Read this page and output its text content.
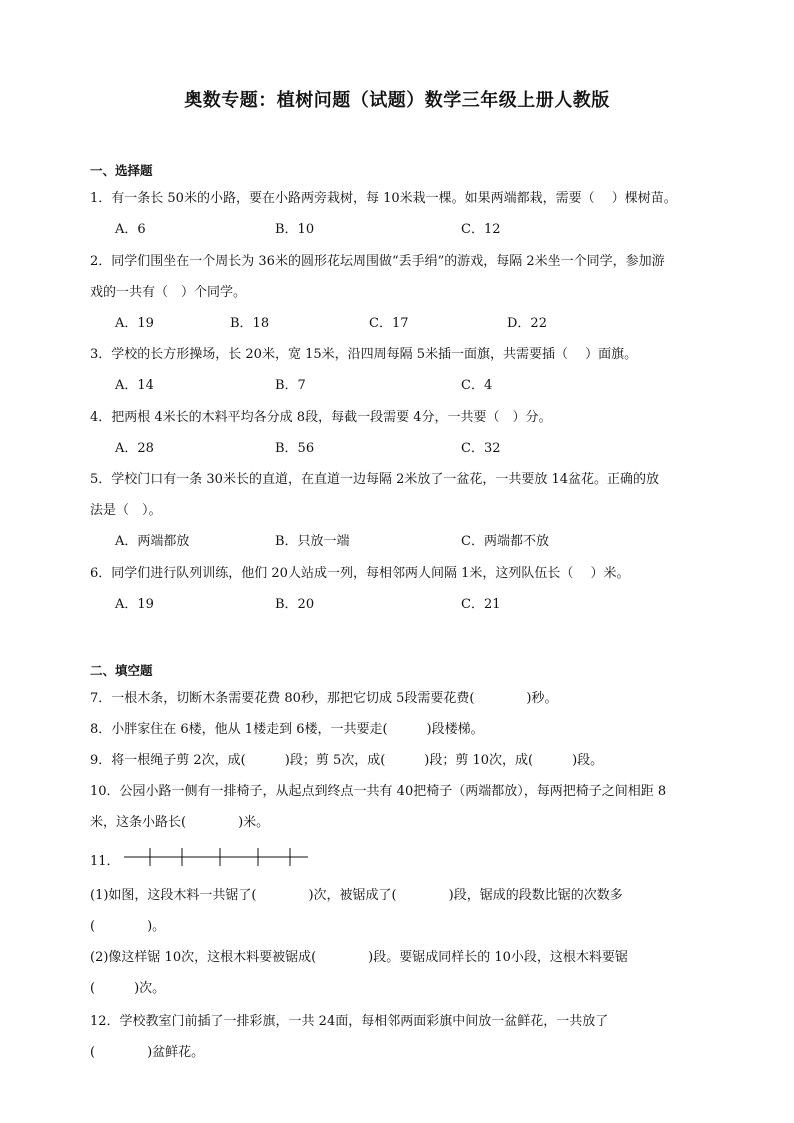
奥数专题：植树问题（试题）数学三年级上册人教版
一、选择题
1．有一条长 50米的小路，要在小路两旁栽树，每 10米栽一棵。如果两端都栽，需要（　 ）棵树苗。
A．6	B．10	C．12
2．同学们围坐在一个周长为 36米的圆形花坛周围做“丢手绢”的游戏，每隔 2米坐一个同学，参加游
戏的一共有（　）个同学。
A．19	B．18	C．17	D．22
3．学校的长方形操场，长 20米，宽 15米，沿四周每隔 5米插一面旗，共需要插（　 ）面旗。
A．14	B．7	C．4
4．把两根 4米长的木料平均各分成 8段，每截一段需要 4分，一共要（　）分。
A．28	B．56	C．32
5．学校门口有一条 30米长的直道，在直道一边每隔 2米放了一盆花，一共要放 14盆花。正确的放
法是（　）。
A．两端都放	B．只放一端	C．两端都不放
6．同学们进行队列训练，他们 20人站成一列，每相邻两人间隔 1米，这列队伍长（　 ）米。
A．19	B．20	C．21
二、填空题
7．一根木条，切断木条需要花费 80秒，那把它切成 5段需要花费(　　　　)秒。
8．小胖家住在 6楼，他从 1楼走到 6楼，一共要走(　　　)段楼梯。
9．将一根绳子剪 2次，成(　　　)段；剪 5次，成(　　　)段；剪 10次，成(　　　)段。
10．公园小路一侧有一排椅子，从起点到终点一共有 40把椅子（两端都放），每两把椅子之间相距 8
米，这条小路长(　　　　)米。
11．
(1)如图，这段木料一共锯了(　　　　)次，被锯成了(　　　　)段，锯成的段数比锯的次数多
(　　　　)。
(2)像这样锯 10次，这根木料要被锯成(　　　　)段。要锯成同样长的 10小段，这根木料要锯
(　　　)次。
12．学校教室门前插了一排彩旗，一共 24面，每相邻两面彩旗中间放一盆鲜花，一共放了
(　　　　)盆鲜花。
